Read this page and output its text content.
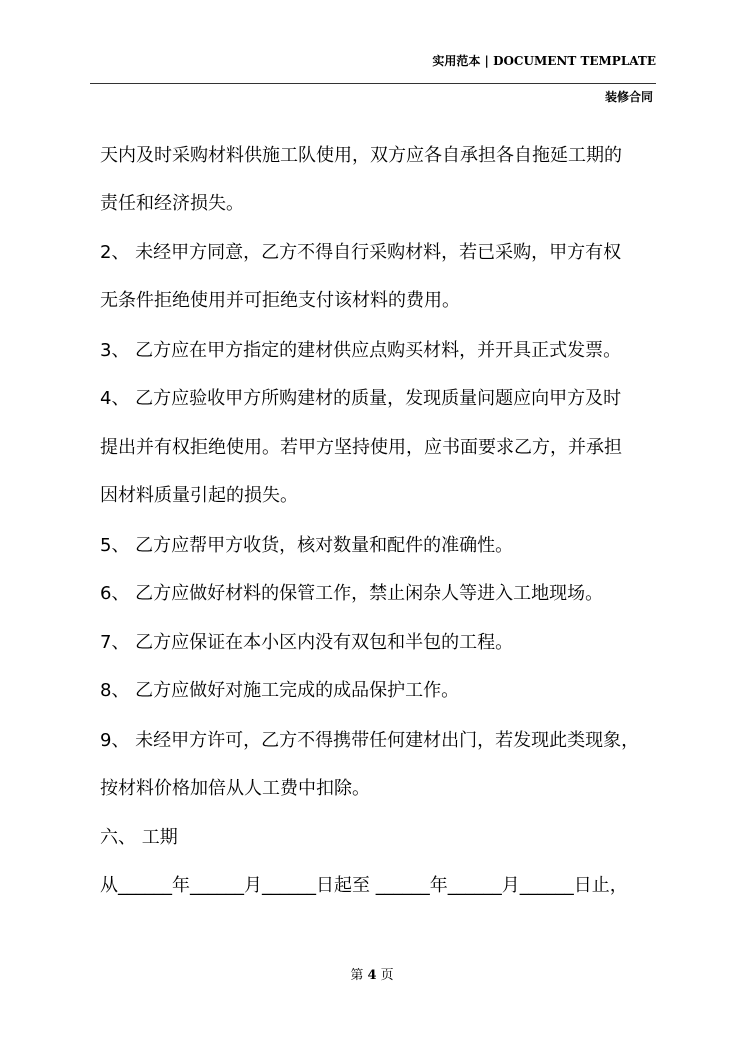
实用范本 | DOCUMENT TEMPLATE
装修合同
天内及时采购材料供施工队使用，双方应各自承担各自拖延工期的
责任和经济损失。
2、 未经甲方同意，乙方不得自行采购材料，若已采购，甲方有权
无条件拒绝使用并可拒绝支付该材料的费用。
3、 乙方应在甲方指定的建材供应点购买材料，并开具正式发票。
4、 乙方应验收甲方所购建材的质量，发现质量问题应向甲方及时
提出并有权拒绝使用。若甲方坚持使用，应书面要求乙方，并承担
因材料质量引起的损失。
5、 乙方应帮甲方收货，核对数量和配件的准确性。
6、 乙方应做好材料的保管工作，禁止闲杂人等进入工地现场。
7、 乙方应保证在本小区内没有双包和半包的工程。
8、 乙方应做好对施工完成的成品保护工作。
9、 未经甲方许可，乙方不得携带任何建材出门，若发现此类现象，
按材料价格加倍从人工费中扣除。
六、 工期
从______年______月______日起至 ______年______月______日止，
第 4 页
